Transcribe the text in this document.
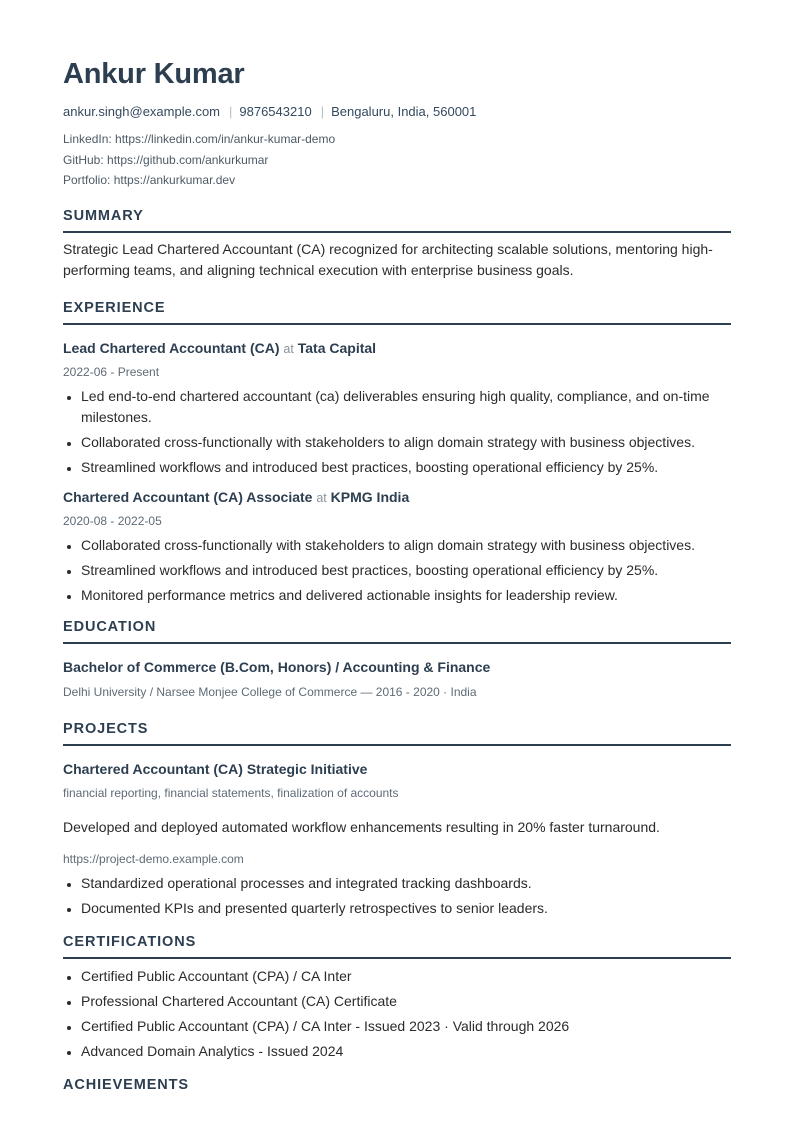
Ankur Kumar
ankur.singh@example.com | 9876543210 | Bengaluru, India, 560001
LinkedIn: https://linkedin.com/in/ankur-kumar-demo
GitHub: https://github.com/ankurkumar
Portfolio: https://ankurkumar.dev
SUMMARY
Strategic Lead Chartered Accountant (CA) recognized for architecting scalable solutions, mentoring high-performing teams, and aligning technical execution with enterprise business goals.
EXPERIENCE
Lead Chartered Accountant (CA) at Tata Capital
2022-06 - Present
• Led end-to-end chartered accountant (ca) deliverables ensuring high quality, compliance, and on-time milestones.
• Collaborated cross-functionally with stakeholders to align domain strategy with business objectives.
• Streamlined workflows and introduced best practices, boosting operational efficiency by 25%.
Chartered Accountant (CA) Associate at KPMG India
2020-08 - 2022-05
• Collaborated cross-functionally with stakeholders to align domain strategy with business objectives.
• Streamlined workflows and introduced best practices, boosting operational efficiency by 25%.
• Monitored performance metrics and delivered actionable insights for leadership review.
EDUCATION
Bachelor of Commerce (B.Com, Honors) / Accounting & Finance
Delhi University / Narsee Monjee College of Commerce — 2016 - 2020 · India
PROJECTS
Chartered Accountant (CA) Strategic Initiative
financial reporting, financial statements, finalization of accounts
Developed and deployed automated workflow enhancements resulting in 20% faster turnaround.
https://project-demo.example.com
• Standardized operational processes and integrated tracking dashboards.
• Documented KPIs and presented quarterly retrospectives to senior leaders.
CERTIFICATIONS
• Certified Public Accountant (CPA) / CA Inter
• Professional Chartered Accountant (CA) Certificate
• Certified Public Accountant (CPA) / CA Inter - Issued 2023 · Valid through 2026
• Advanced Domain Analytics - Issued 2024
ACHIEVEMENTS
